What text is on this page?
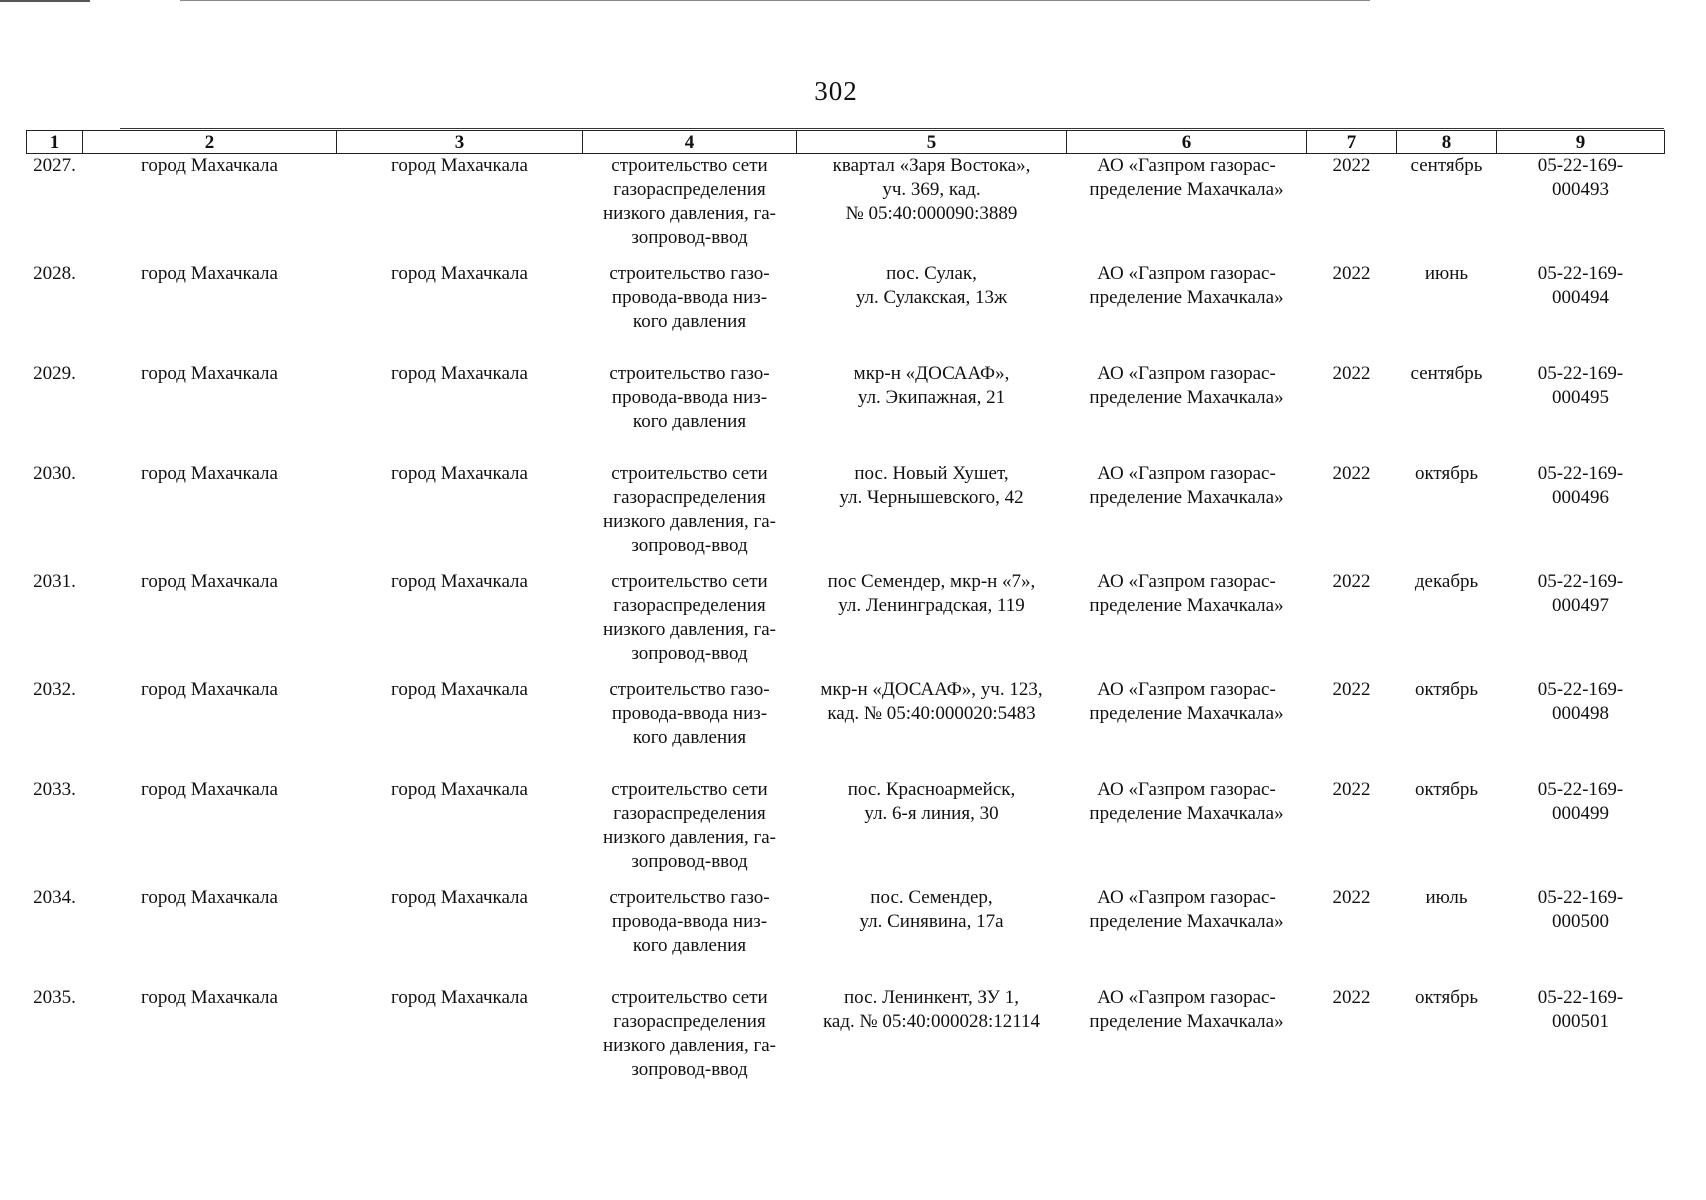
302
1	2	3	4	5	6	7	8	9
2027.	город Махачкала	город Махачкала	строительство сети
газораспределения
низкого давления, га-
зопровод-ввод	квартал «Заря Востока»,
уч. 369, кад.
№ 05:40:000090:3889	АО «Газпром газорас-
пределение Махачкала»	2022	сентябрь	05-22-169-
000493
2028.	город Махачкала	город Махачкала	строительство газо-
провода-ввода низ-
кого давления	пос. Сулак,
ул. Сулакская, 13ж	АО «Газпром газорас-
пределение Махачкала»	2022	июнь	05-22-169-
000494
2029.	город Махачкала	город Махачкала	строительство газо-
провода-ввода низ-
кого давления	мкр-н «ДОСААФ»,
ул. Экипажная, 21	АО «Газпром газорас-
пределение Махачкала»	2022	сентябрь	05-22-169-
000495
2030.	город Махачкала	город Махачкала	строительство сети
газораспределения
низкого давления, га-
зопровод-ввод	пос. Новый Хушет,
ул. Чернышевского, 42	АО «Газпром газорас-
пределение Махачкала»	2022	октябрь	05-22-169-
000496
2031.	город Махачкала	город Махачкала	строительство сети
газораспределения
низкого давления, га-
зопровод-ввод	пос Семендер, мкр-н «7»,
ул. Ленинградская, 119	АО «Газпром газорас-
пределение Махачкала»	2022	декабрь	05-22-169-
000497
2032.	город Махачкала	город Махачкала	строительство газо-
провода-ввода низ-
кого давления	мкр-н «ДОСААФ», уч. 123,
кад. № 05:40:000020:5483	АО «Газпром газорас-
пределение Махачкала»	2022	октябрь	05-22-169-
000498
2033.	город Махачкала	город Махачкала	строительство сети
газораспределения
низкого давления, га-
зопровод-ввод	пос. Красноармейск,
ул. 6-я линия, 30	АО «Газпром газорас-
пределение Махачкала»	2022	октябрь	05-22-169-
000499
2034.	город Махачкала	город Махачкала	строительство газо-
провода-ввода низ-
кого давления	пос. Семендер,
ул. Синявина, 17а	АО «Газпром газорас-
пределение Махачкала»	2022	июль	05-22-169-
000500
2035.	город Махачкала	город Махачкала	строительство сети
газораспределения
низкого давления, га-
зопровод-ввод	пос. Ленинкент, ЗУ 1,
кад. № 05:40:000028:12114	АО «Газпром газорас-
пределение Махачкала»	2022	октябрь	05-22-169-
000501
